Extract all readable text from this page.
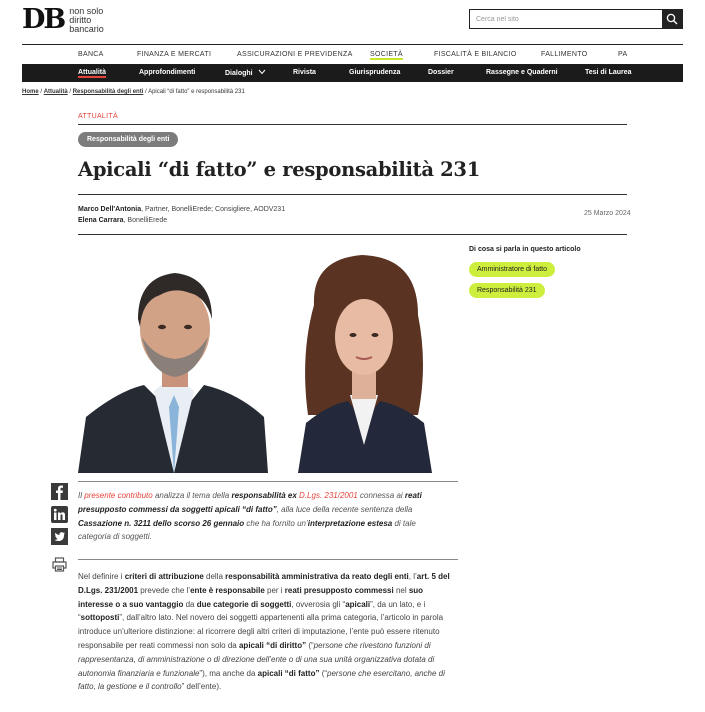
DB non solo
diritto
bancario
Cerca nel sito
BANCA	FINANZA E MERCATI	ASSICURAZIONI E PREVIDENZA SOCIETÀ	FISCALITÀ E BILANCIO	FALLIMENTO	PA
Attualità	Approfondimenti	Dialoghi	Rivista	Giurisprudenza	Dossier	Rassegne e Quaderni	Tesi di Laurea
Home / Attualità / Responsabilità degli enti / Apicali “di fatto” e responsabilità 231
ATTUALITÀ
Responsabilità degli enti
Apicali “di fatto” e responsabilità 231
Marco Dell'Antonia, Partner, BonelliErede; Consigliere, AODV231
Elena Carrara, BonelliErede
25 Marzo 2024
Di cosa si parla in questo articolo
Amministratore di fatto
Responsabilità 231

Il presente contributo analizza il tema della responsabilità ex D.Lgs. 231/2001 connessa ai reati presupposto commessi da soggetti apicali “di fatto”, alla luce della recente sentenza della Cassazione n. 3211 dello scorso 26 gennaio che ha fornito un’interpretazione estesa di tale categoria di soggetti.

Nel definire i criteri di attribuzione della responsabilità amministrativa da reato degli enti, l’art. 5 del D.Lgs. 231/2001 prevede che l’ente è responsabile per i reati presupposto commessi nel suo interesse o a suo vantaggio da due categorie di soggetti, ovverosia gli “apicali”, da un lato, e i “sottoposti”, dall’altro lato. Nel novero dei soggetti appartenenti alla prima categoria, l’articolo in parola introduce un’ulteriore distinzione: al ricorrere degli altri criteri di imputazione, l’ente può essere ritenuto responsabile per reati commessi non solo da apicali “di diritto” (“persone che rivestono funzioni di rappresentanza, di amministrazione o di direzione dell’ente o di una sua unità organizzativa dotata di autonomia finanziaria e funzionale”), ma anche da apicali “di fatto” (“persone che esercitano, anche di fatto, la gestione e il controllo” dell’ente).
